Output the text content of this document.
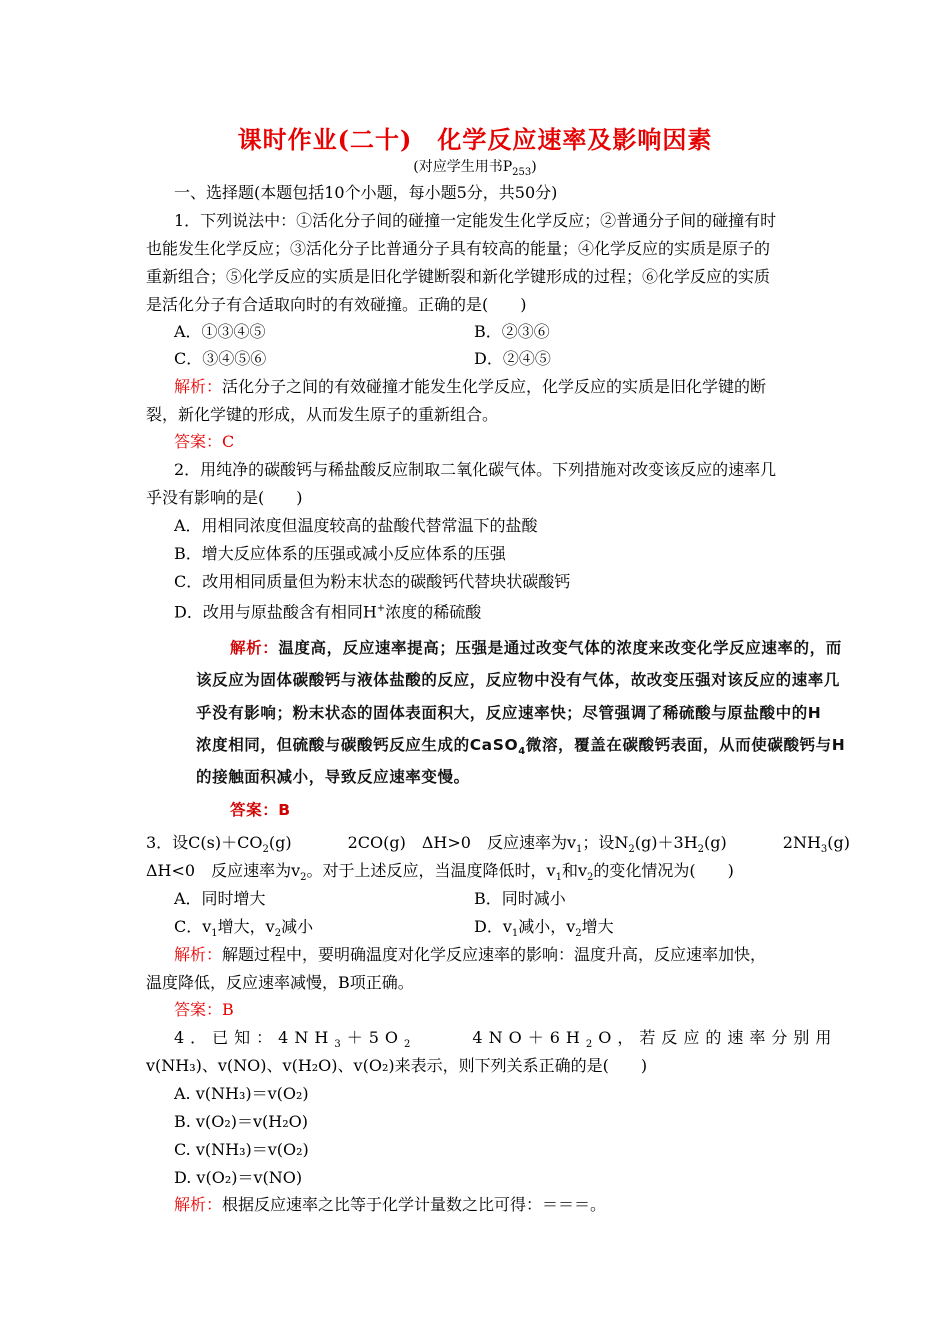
课时作业(二十)　化学反应速率及影响因素
(对应学生用书$P_{253}$)
一、选择题(本题包括10个小题，每小题5分，共50分)
1．下列说法中：①活化分子间的碰撞一定能发生化学反应；②普通分子间的碰撞有时
也能发生化学反应；③活化分子比普通分子具有较高的能量；④化学反应的实质是原子的
重新组合；⑤化学反应的实质是旧化学键断裂和新化学键形成的过程；⑥化学反应的实质
是活化分子有合适取向时的有效碰撞。正确的是(　　)
A．①③④⑤	B．②③⑥
C．③④⑤⑥	D．②④⑤
解析：活化分子之间的有效碰撞才能发生化学反应，化学反应的实质是旧化学键的断
裂，新化学键的形成，从而发生原子的重新组合。
答案：C
2．用纯净的碳酸钙与稀盐酸反应制取二氧化碳气体。下列措施对改变该反应的速率几
乎没有影响的是(　　)
A．用相同浓度但温度较高的盐酸代替常温下的盐酸
B．增大反应体系的压强或减小反应体系的压强
C．改用相同质量但为粉末状态的碳酸钙代替块状碳酸钙
D．改用与原盐酸含有相同H+浓度的稀硫酸
解析：温度高，反应速率提高；压强是通过改变气体的浓度来改变化学反应速率的，而
该反应为固体碳酸钙与液体盐酸的反应，反应物中没有气体，故改变压强对该反应的速率几
乎没有影响；粉末状态的固体表面积大，反应速率快；尽管强调了稀硫酸与原盐酸中的H
浓度相同，但硫酸与碳酸钙反应生成的CaSO$_4$微溶，覆盖在碳酸钙表面，从而使碳酸钙与H
的接触面积减小，导致反应速率变慢。
答案：B
3．设$C(s)+CO_2(g)$	2CO(g)　ΔH>0　反应速率为$v_1$；设$N_2(g)+3H_2(g)$	$2NH_3(g)$
ΔH<0　反应速率为$v_2$。对于上述反应，当温度降低时，$v_1$和$v_2$的变化情况为(　　)
A．同时增大	B．同时减小
C．$v_1$增大，$v_2$减小	D．$v_1$减小，$v_2$增大
解析：解题过程中，要明确温度对化学反应速率的影响：温度升高，反应速率加快，
温度降低，反应速率减慢，B项正确。
答案：B
4．已知：$4NH_3+5O_2$	$4NO+6H_2O$，若反应的速率分别用
v(NH₃)、v(NO)、v(H₂O)、v(O₂)来表示，则下列关系正确的是(　　)
A. v(NH₃)＝v(O₂)
B. v(O₂)＝v(H₂O)
C. v(NH₃)＝v(O₂)
D. v(O₂)＝v(NO)
解析：根据反应速率之比等于化学计量数之比可得：＝＝＝。
